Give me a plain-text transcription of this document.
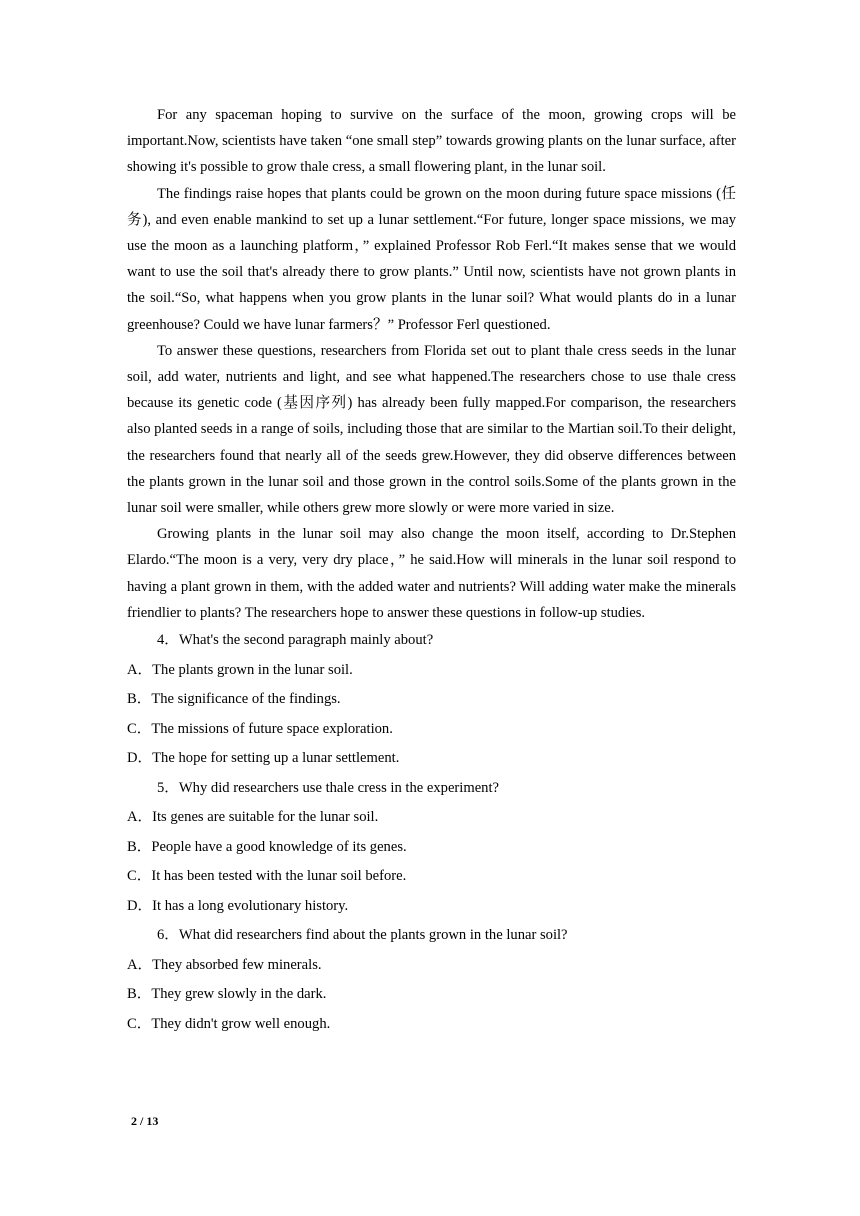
For any spaceman hoping to survive on the surface of the moon, growing crops will be important.Now, scientists have taken “one small step” towards growing plants on the lunar surface, after showing it's possible to grow thale cress, a small flowering plant, in the lunar soil.

The findings raise hopes that plants could be grown on the moon during future space missions (任务), and even enable mankind to set up a lunar settlement.“For future, longer space missions, we may use the moon as a launching platform，” explained Professor Rob Ferl.“It makes sense that we would want to use the soil that's already there to grow plants.” Until now, scientists have not grown plants in the soil.“So, what happens when you grow plants in the lunar soil? What would plants do in a lunar greenhouse? Could we have lunar farmers？” Professor Ferl questioned.

To answer these questions, researchers from Florida set out to plant thale cress seeds in the lunar soil, add water, nutrients and light, and see what happened.The researchers chose to use thale cress because its genetic code (基因序列) has already been fully mapped.For comparison, the researchers also planted seeds in a range of soils, including those that are similar to the Martian soil.To their delight, the researchers found that nearly all of the seeds grew.However, they did observe differences between the plants grown in the lunar soil and those grown in the control soils.Some of the plants grown in the lunar soil were smaller, while others grew more slowly or were more varied in size.

Growing plants in the lunar soil may also change the moon itself, according to Dr.Stephen Elardo.“The moon is a very, very dry place，” he said.How will minerals in the lunar soil respond to having a plant grown in them, with the added water and nutrients? Will adding water make the minerals friendlier to plants? The researchers hope to answer these questions in follow-up studies.

4．What's the second paragraph mainly about?

A．The plants grown in the lunar soil.

B．The significance of the findings.

C．The missions of future space exploration.

D．The hope for setting up a lunar settlement.

5．Why did researchers use thale cress in the experiment?

A．Its genes are suitable for the lunar soil.

B．People have a good knowledge of its genes.

C．It has been tested with the lunar soil before.

D．It has a long evolutionary history.

6．What did researchers find about the plants grown in the lunar soil?

A．They absorbed few minerals.

B．They grew slowly in the dark.

C．They didn't grow well enough.

2 / 13
